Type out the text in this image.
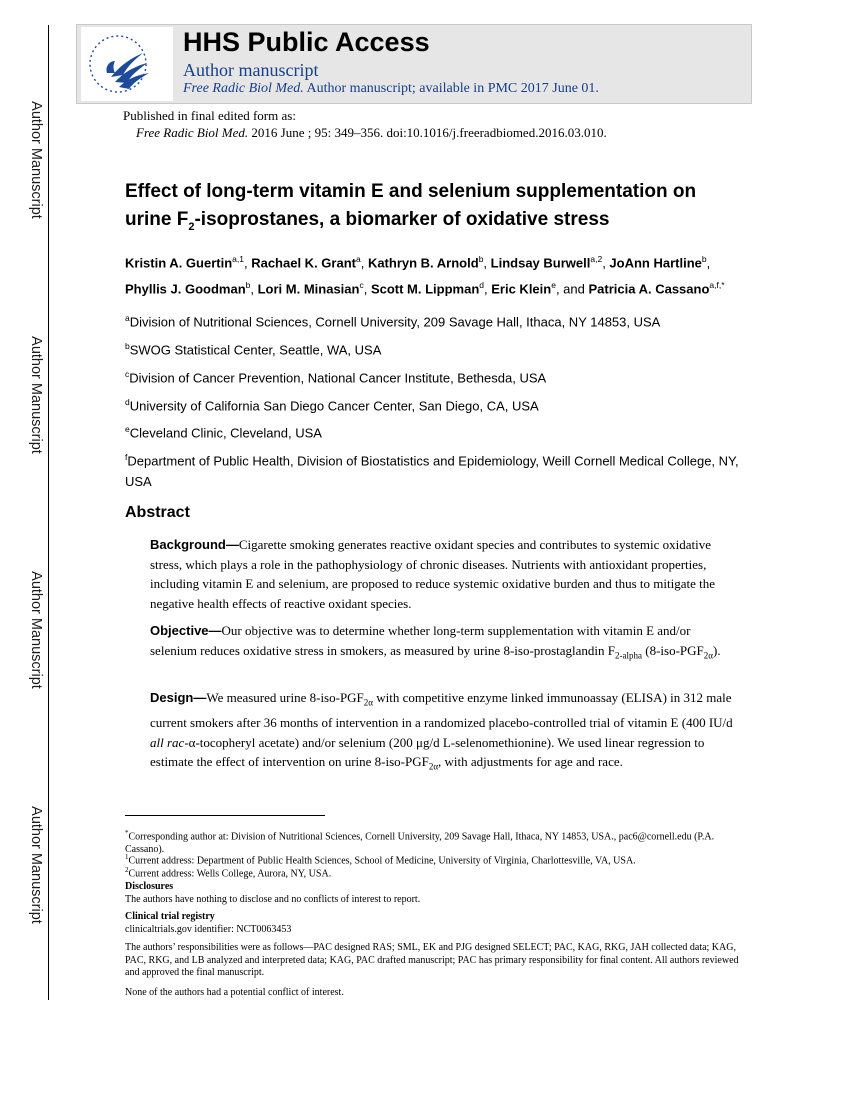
Author Manuscript
Author Manuscript
Author Manuscript
Author Manuscript
HHS Public Access
Author manuscript
Free Radic Biol Med. Author manuscript; available in PMC 2017 June 01.
Published in final edited form as:
Free Radic Biol Med. 2016 June ; 95: 349–356. doi:10.1016/j.freeradbiomed.2016.03.010.
Effect of long-term vitamin E and selenium supplementation on
urine $F_2$-isoprostanes, a biomarker of oxidative stress
Kristin A. Guertin$^{a,1}$, Rachael K. Grant$^a$, Kathryn B. Arnold$^b$, Lindsay Burwell$^{a,2}$, JoAnn Hartline$^b$, Phyllis J. Goodman$^b$, Lori M. Minasian$^c$, Scott M. Lippman$^d$, Eric Klein$^e$, and Patricia A. Cassano$^{a,f,*}$
$^a$Division of Nutritional Sciences, Cornell University, 209 Savage Hall, Ithaca, NY 14853, USA
$^b$SWOG Statistical Center, Seattle, WA, USA
$^c$Division of Cancer Prevention, National Cancer Institute, Bethesda, USA
$^d$University of California San Diego Cancer Center, San Diego, CA, USA
$^e$Cleveland Clinic, Cleveland, USA
$^f$Department of Public Health, Division of Biostatistics and Epidemiology, Weill Cornell Medical College, NY, USA
Abstract
Background—Cigarette smoking generates reactive oxidant species and contributes to systemic oxidative stress, which plays a role in the pathophysiology of chronic diseases. Nutrients with antioxidant properties, including vitamin E and selenium, are proposed to reduce systemic oxidative burden and thus to mitigate the negative health effects of reactive oxidant species.
Objective—Our objective was to determine whether long-term supplementation with vitamin E and/or selenium reduces oxidative stress in smokers, as measured by urine 8-iso-prostaglandin $F_{2-alpha}$ $(8-iso-PGF_{2\alpha})$.
Design—We measured urine $8-iso-PGF_{2\alpha}$ with competitive enzyme linked immunoassay (ELISA) in 312 male current smokers after 36 months of intervention in a randomized placebo-controlled trial of vitamin E (400 IU/d all rac-α-tocopheryl acetate) and/or selenium (200 μg/d L-selenomethionine). We used linear regression to estimate the effect of intervention on urine $8-iso-PGF_{2\alpha}$, with adjustments for age and race.
*Corresponding author at: Division of Nutritional Sciences, Cornell University, 209 Savage Hall, Ithaca, NY 14853, USA., pac6@cornell.edu (P.A. Cassano).
$^1$Current address: Department of Public Health Sciences, School of Medicine, University of Virginia, Charlottesville, VA, USA.
$^2$Current address: Wells College, Aurora, NY, USA.
Disclosures
The authors have nothing to disclose and no conflicts of interest to report.
Clinical trial registry
clinicaltrials.gov identifier: NCT0063453
The authors’ responsibilities were as follows—PAC designed RAS; SML, EK and PJG designed SELECT; PAC, KAG, RKG, JAH collected data; KAG, PAC, RKG, and LB analyzed and interpreted data; KAG, PAC drafted manuscript; PAC has primary responsibility for final content. All authors reviewed and approved the final manuscript.
None of the authors had a potential conflict of interest.
